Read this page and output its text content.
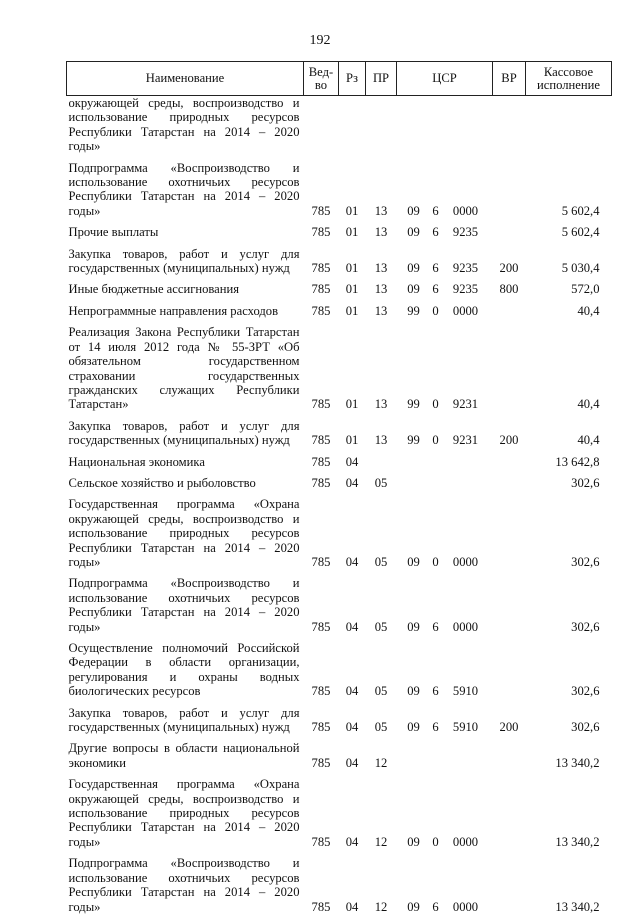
192
Наименование	Вед-во	Рз	ПР	ЦСР	ВР	Кассовое исполнение
окружающей среды, воспроизводство и использование природных ресурсов Республики Татарстан на 2014 – 2020 годы»				

Подпрограмма «Воспроизводство и использование охотничьих ресурсов Республики Татарстан на 2014 – 2020 годы»	785	01	13	09 6 0000		5 602,4
Прочие выплаты	785	01	13	09 6 9235		5 602,4
Закупка товаров, работ и услуг для государственных (муниципальных) нужд	785	01	13	09 6 9235	200	5 030,4
Иные бюджетные ассигнования	785	01	13	09 6 9235	800	572,0
Непрограммные направления расходов	785	01	13	99 0 0000		40,4
Реализация Закона Республики Татарстан от 14 июля 2012 года № 55-ЗРТ «Об обязательном государственном страховании государственных гражданских служащих Республики Татарстан»	785	01	13	99 0 9231		40,4
Закупка товаров, работ и услуг для государственных (муниципальных) нужд	785	01	13	99 0 9231	200	40,4
Национальная экономика	785	04				13 642,8
Сельское хозяйство и рыболовство	785	04	05			302,6
Государственная программа «Охрана окружающей среды, воспроизводство и использование природных ресурсов Республики Татарстан на 2014 – 2020 годы»	785	04	05	09 0 0000		302,6
Подпрограмма «Воспроизводство и использование охотничьих ресурсов Республики Татарстан на 2014 – 2020 годы»	785	04	05	09 6 0000		302,6
Осуществление полномочий Российской Федерации в области организации, регулирования и охраны водных биологических ресурсов	785	04	05	09 6 5910		302,6
Закупка товаров, работ и услуг для государственных (муниципальных) нужд	785	04	05	09 6 5910	200	302,6
Другие вопросы в области национальной экономики	785	04	12			13 340,2
Государственная программа «Охрана окружающей среды, воспроизводство и использование природных ресурсов Республики Татарстан на 2014 – 2020 годы»	785	04	12	09 0 0000		13 340,2
Подпрограмма «Воспроизводство и использование охотничьих ресурсов Республики Татарстан на 2014 – 2020 годы»	785	04	12	09 6 0000		13 340,2
